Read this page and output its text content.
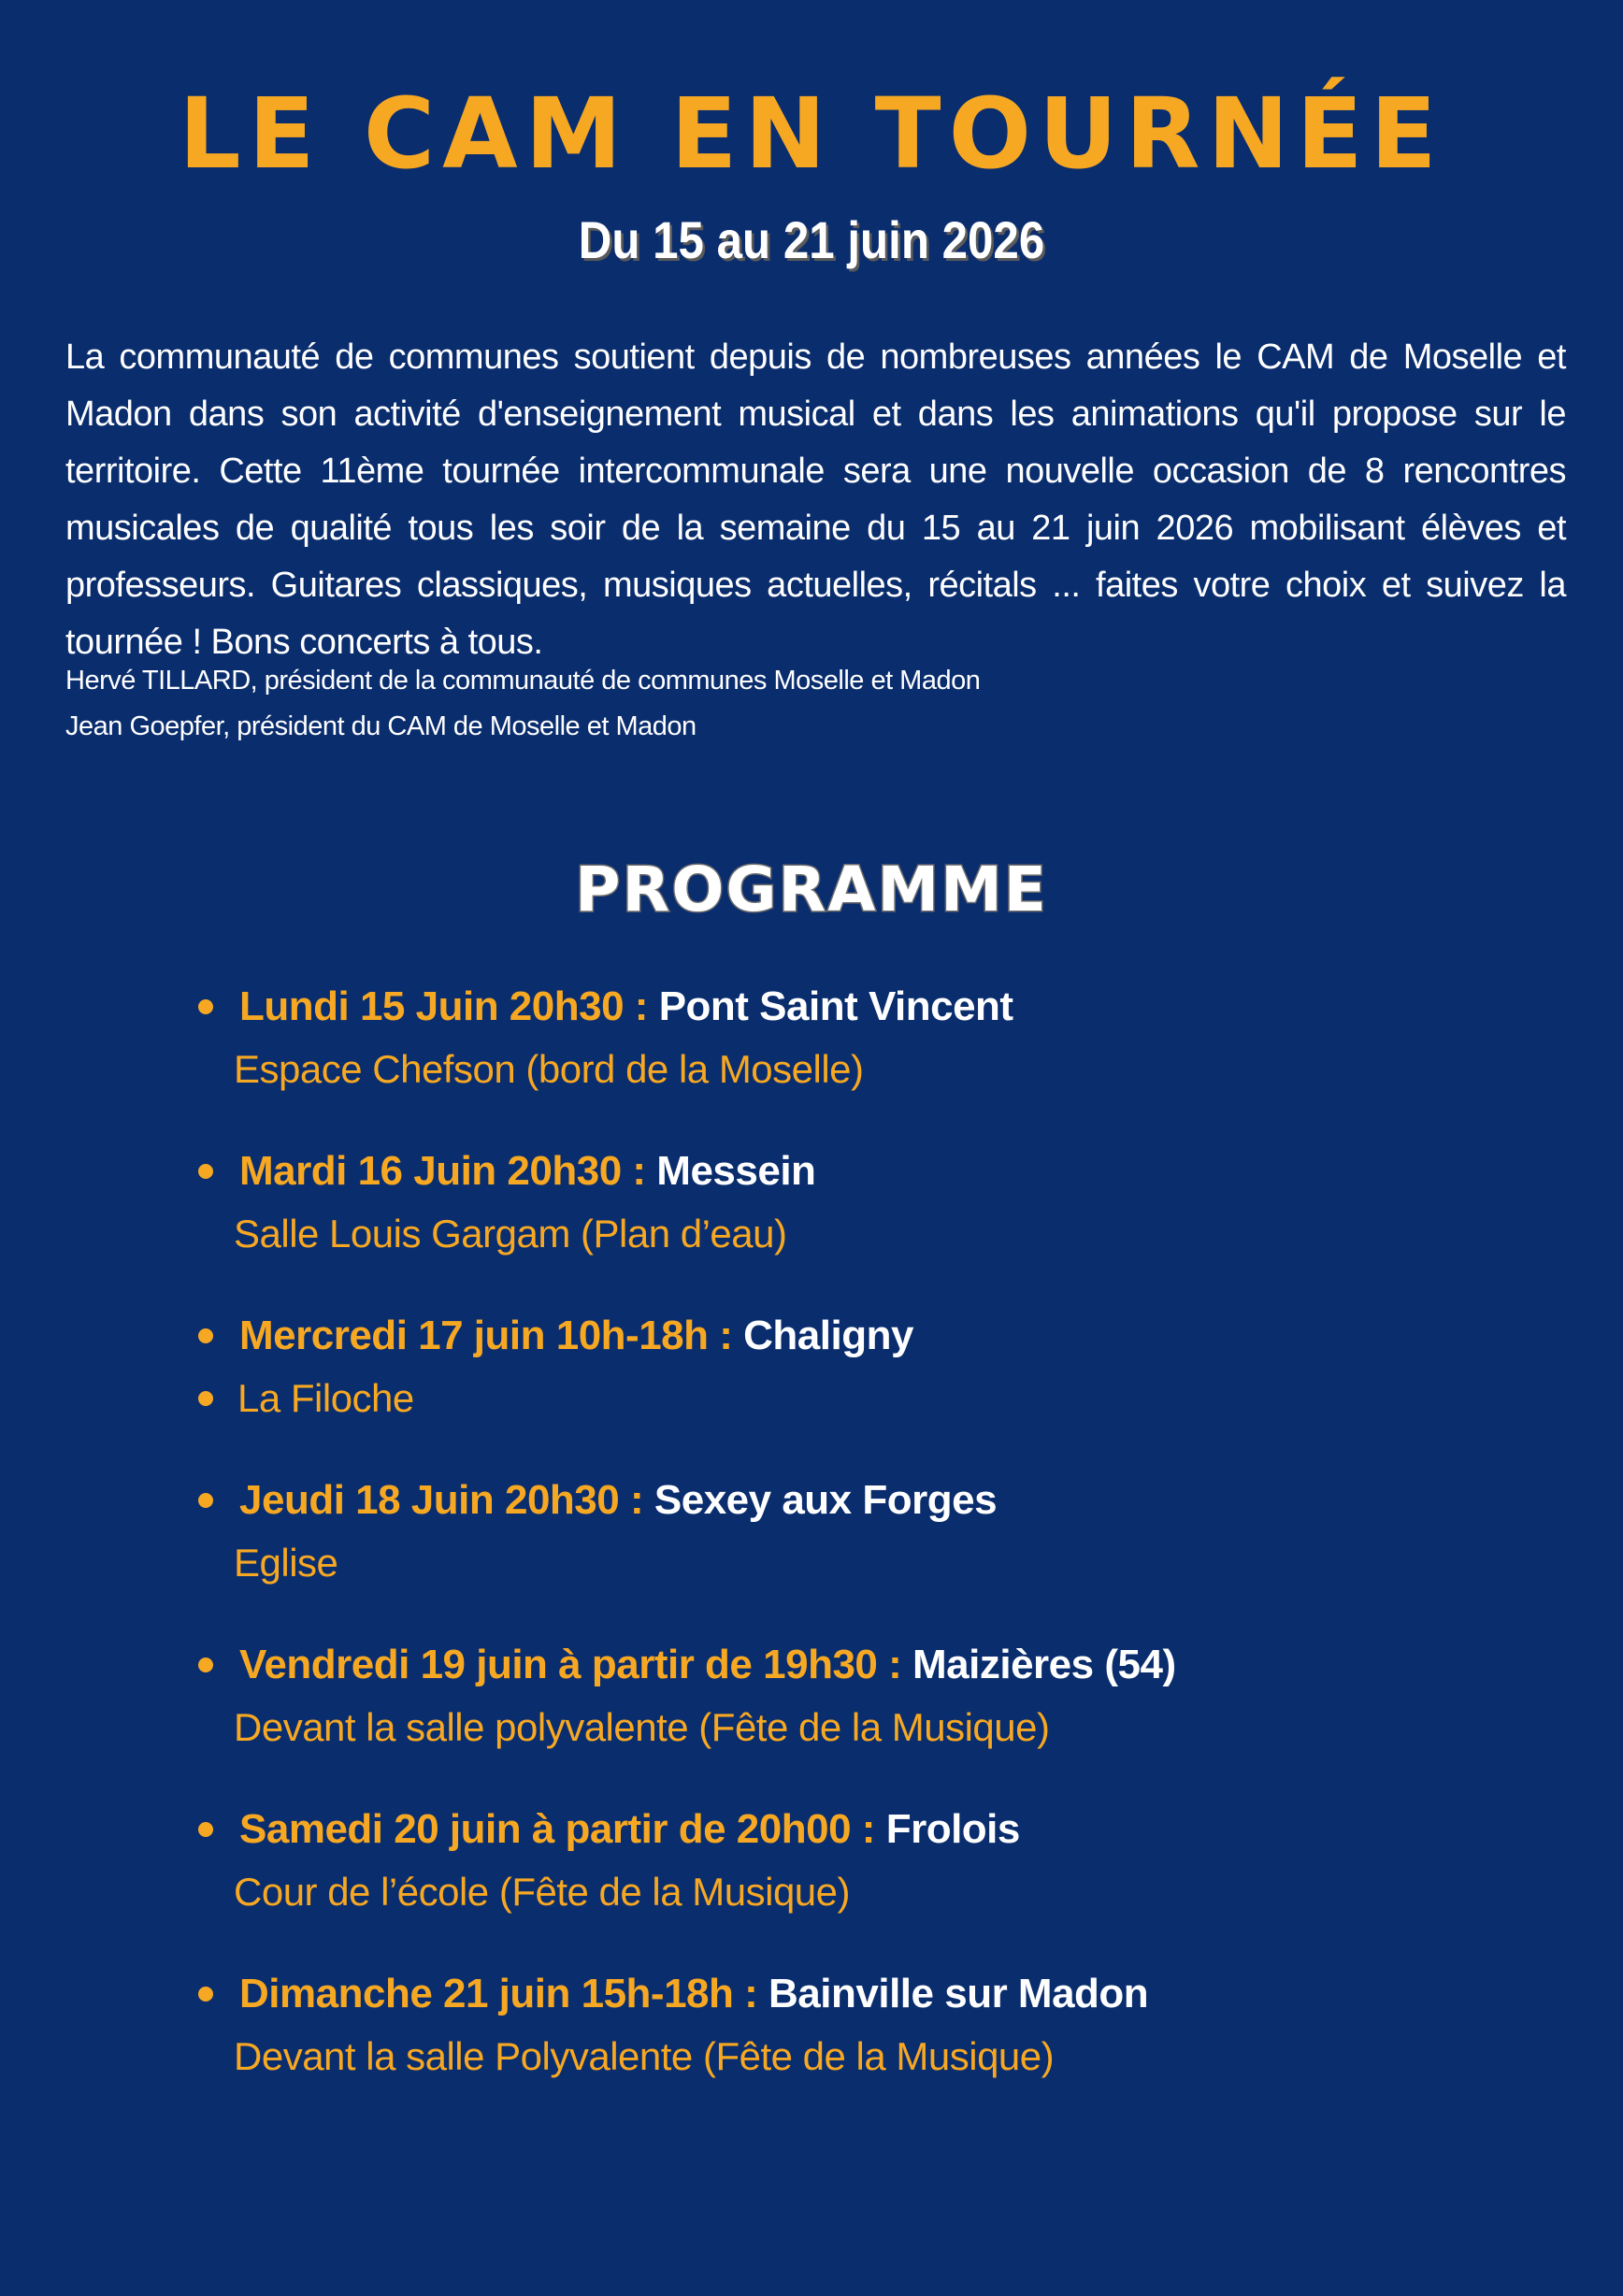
LE CAM EN TOURNÉE
Du 15 au 21 juin 2026

La communauté de communes soutient depuis de nombreuses années le CAM de Moselle et Madon dans son activité d'enseignement musical et dans les animations qu'il propose sur le territoire. Cette 11ème tournée intercommunale sera une nouvelle occasion de 8 rencontres musicales de qualité tous les soir de la semaine du 15 au 21 juin 2026 mobilisant élèves et professeurs. Guitares classiques, musiques actuelles, récitals ... faites votre choix et suivez la tournée ! Bons concerts à tous.

Hervé TILLARD, président de la communauté de communes Moselle et Madon
Jean Goepfer, président du CAM de Moselle et Madon
PROGRAMME
Lundi 15 Juin 20h30 : Pont Saint Vincent
Espace Chefson (bord de la Moselle)
Mardi 16 Juin 20h30 : Messein
Salle Louis Gargam (Plan d’eau)
Mercredi 17 juin 10h-18h : Chaligny
La Filoche
Jeudi 18 Juin 20h30 : Sexey aux Forges
Eglise
Vendredi 19 juin à partir de 19h30 : Maizières (54)
Devant la salle polyvalente (Fête de la Musique)
Samedi 20 juin à partir de 20h00 : Frolois
Cour de l’école (Fête de la Musique)
Dimanche 21 juin 15h-18h : Bainville sur Madon
Devant la salle Polyvalente (Fête de la Musique)
